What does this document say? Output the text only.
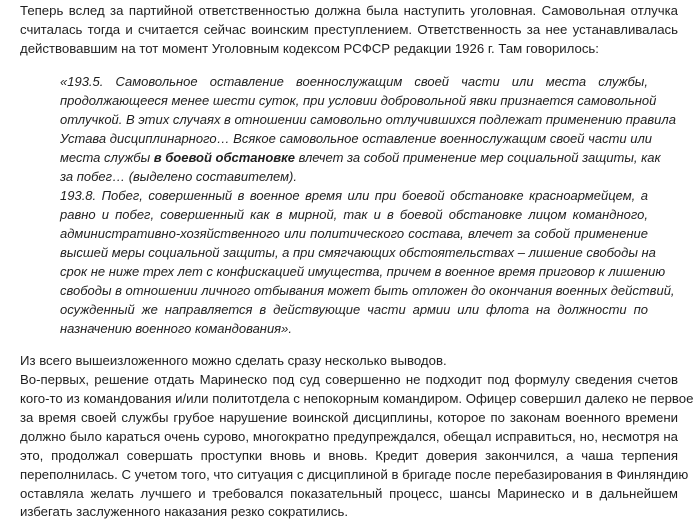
Теперь вслед за партийной ответственностью должна была наступить уголовная. Самовольная отлучка
считалась тогда и считается сейчас воинским преступлением. Ответственность за нее устанавливалась
действовавшим на тот момент Уголовным кодексом РСФСР редакции 1926 г. Там говорилось:
«193.5. Самовольное оставление военнослужащим своей части или места службы,
продолжающееся менее шести суток, при условии добровольной явки признается самовольной
отлучкой. В этих случаях в отношении самовольно отлучившихся подлежат применению правила
Устава дисциплинарного… Всякое самовольное оставление военнослужащим своей части или
места службы в боевой обстановке влечет за собой применение мер социальной защиты, как
за побег… (выделено составителем).
193.8. Побег, совершенный в военное время или при боевой обстановке красноармейцем, а
равно и побег, совершенный как в мирной, так и в боевой обстановке лицом командного,
административно-хозяйственного или политического состава, влечет за собой применение
высшей меры социальной защиты, а при смягчающих обстоятельствах – лишение свободы на
срок не ниже трех лет с конфискацией имущества, причем в военное время приговор к лишению
свободы в отношении личного отбывания может быть отложен до окончания военных действий,
осужденный же направляется в действующие части армии или флота на должности по
назначению военного командования».
Из всего вышеизложенного можно сделать сразу несколько выводов.
Во-первых, решение отдать Маринеско под суд совершенно не подходит под формулу сведения счетов
кого-то из командования и/или политотдела с непокорным командиром. Офицер совершил далеко не первое
за время своей службы грубое нарушение воинской дисциплины, которое по законам военного времени
должно было караться очень сурово, многократно предупреждался, обещал исправиться, но, несмотря на
это, продолжал совершать проступки вновь и вновь. Кредит доверия закончился, а чаша терпения
переполнилась. С учетом того, что ситуация с дисциплиной в бригаде после перебазирования в Финляндию
оставляла желать лучшего и требовался показательный процесс, шансы Маринеско и в дальнейшем
избегать заслуженного наказания резко сократились.
